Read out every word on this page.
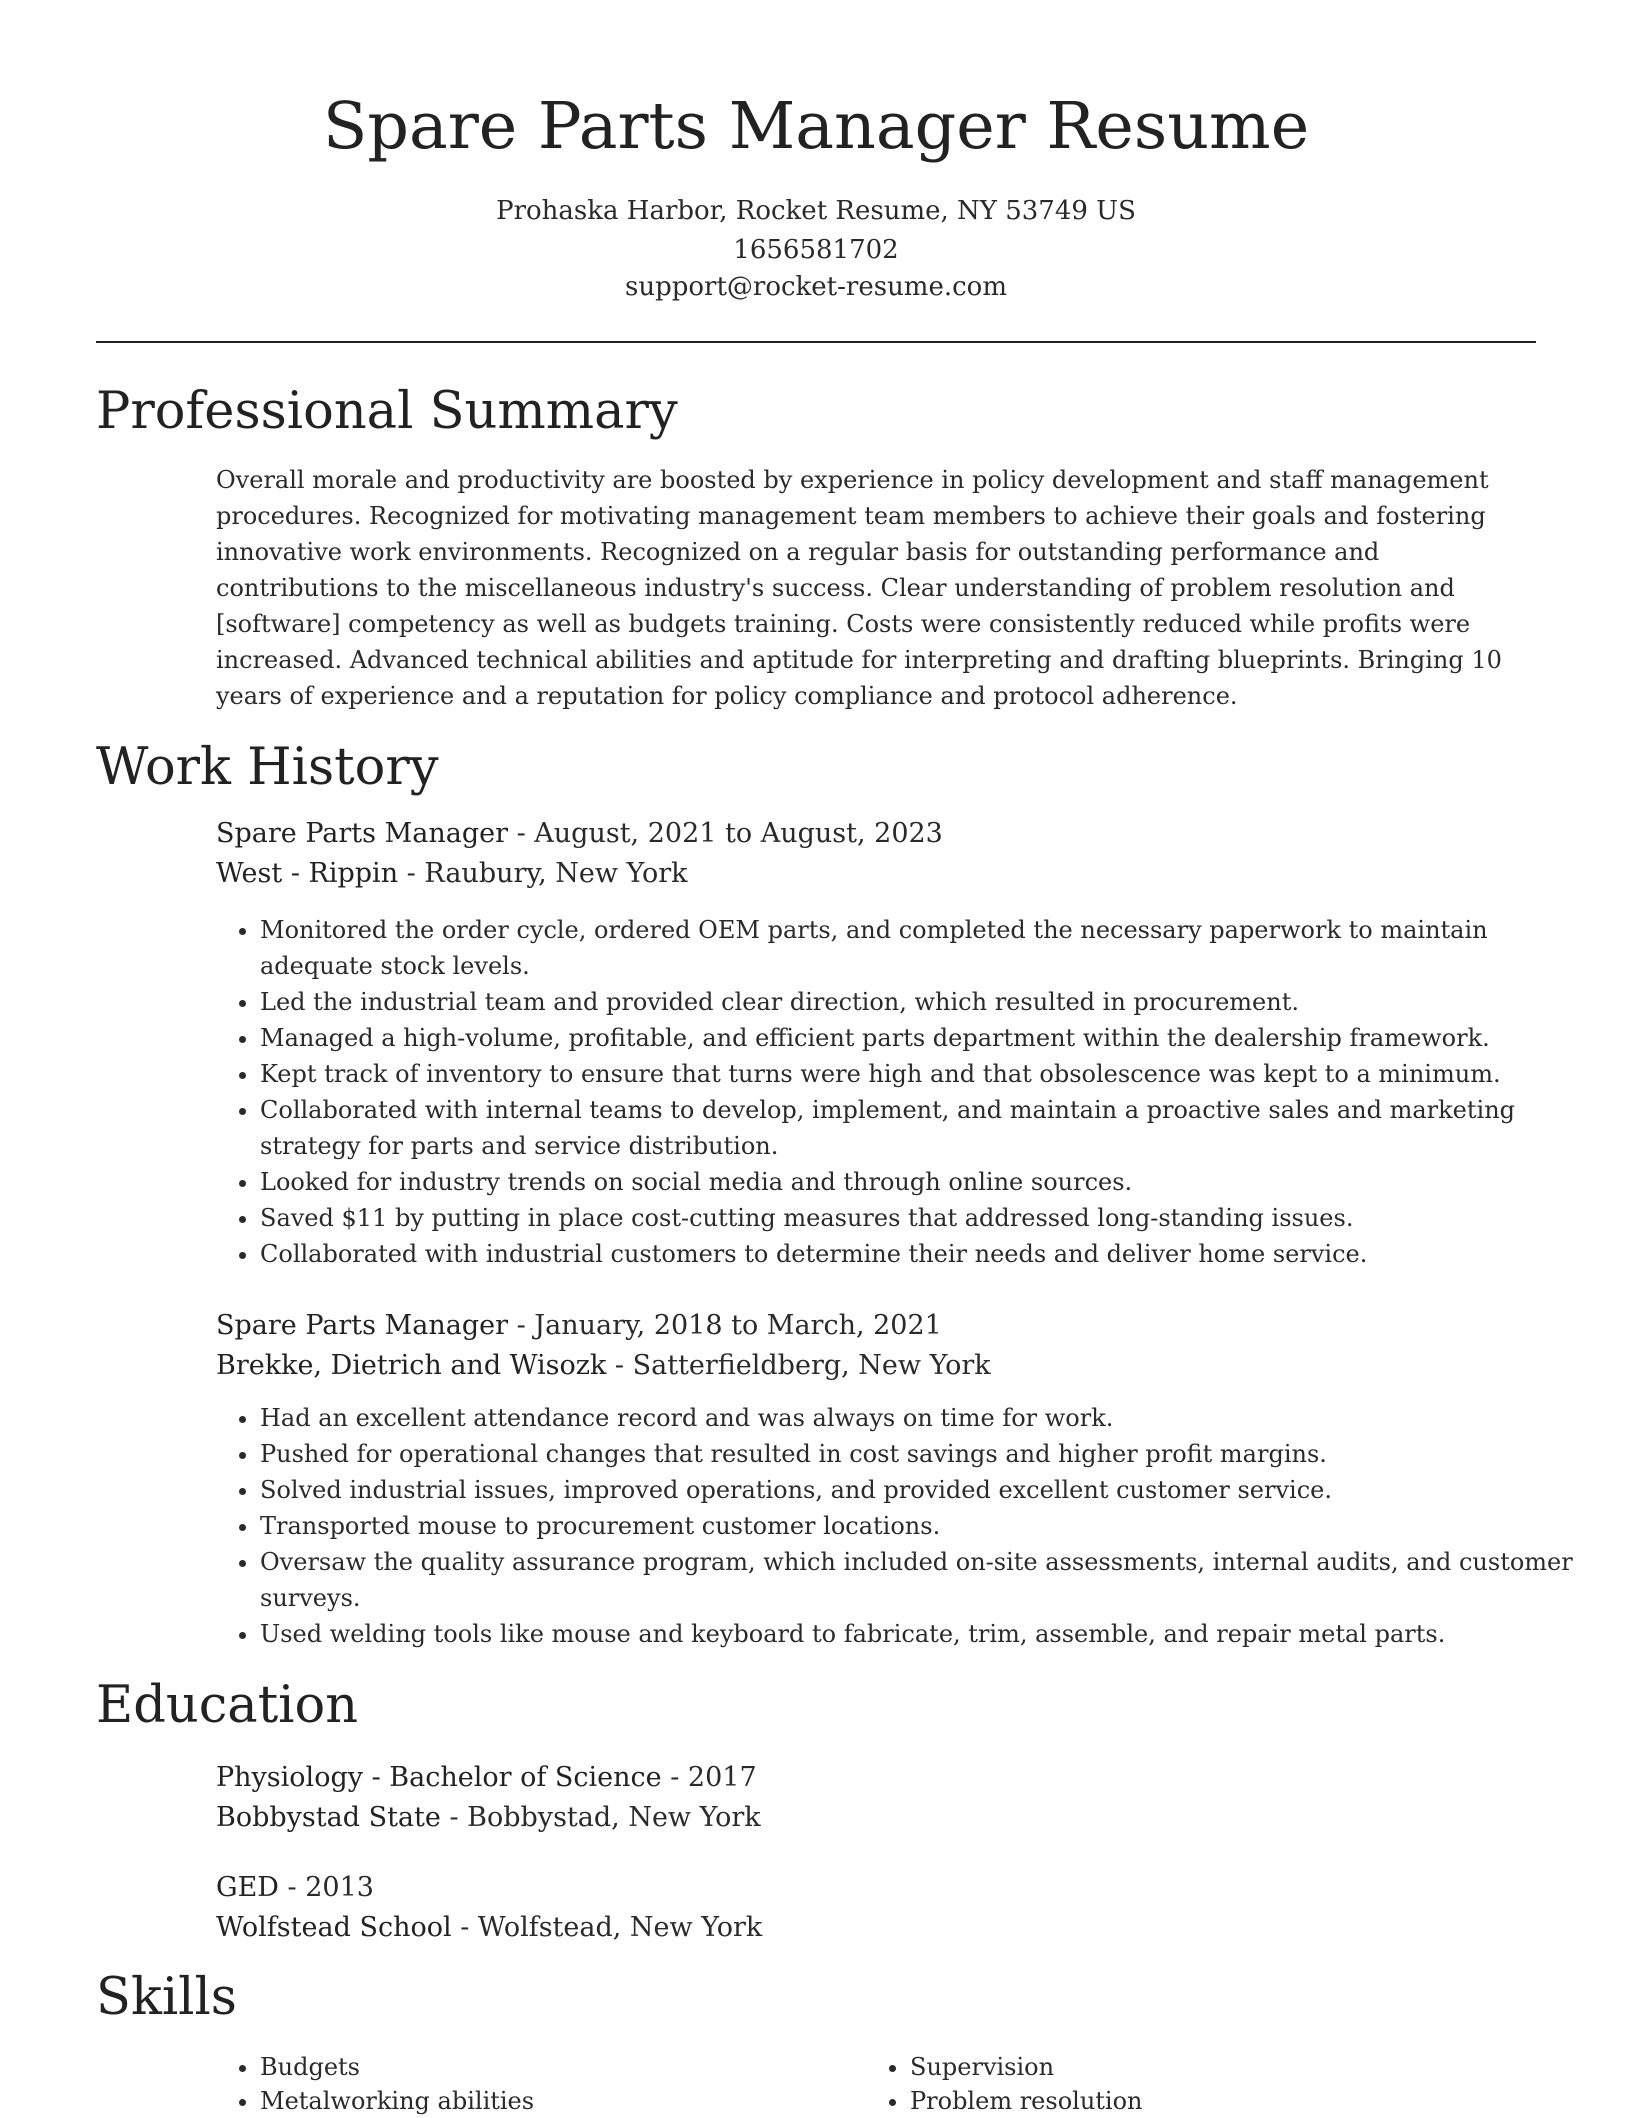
Spare Parts Manager Resume
Prohaska Harbor, Rocket Resume, NY 53749 US
1656581702
support@rocket-resume.com
Professional Summary
Overall morale and productivity are boosted by experience in policy development and staff management procedures. Recognized for motivating management team members to achieve their goals and fostering innovative work environments. Recognized on a regular basis for outstanding performance and contributions to the miscellaneous industry's success. Clear understanding of problem resolution and [software] competency as well as budgets training. Costs were consistently reduced while profits were increased. Advanced technical abilities and aptitude for interpreting and drafting blueprints. Bringing 10 years of experience and a reputation for policy compliance and protocol adherence.
Work History
Spare Parts Manager - August, 2021 to August, 2023
West - Rippin - Raubury, New York
• Monitored the order cycle, ordered OEM parts, and completed the necessary paperwork to maintain adequate stock levels.
• Led the industrial team and provided clear direction, which resulted in procurement.
• Managed a high-volume, profitable, and efficient parts department within the dealership framework.
• Kept track of inventory to ensure that turns were high and that obsolescence was kept to a minimum.
• Collaborated with internal teams to develop, implement, and maintain a proactive sales and marketing strategy for parts and service distribution.
• Looked for industry trends on social media and through online sources.
• Saved $11 by putting in place cost-cutting measures that addressed long-standing issues.
• Collaborated with industrial customers to determine their needs and deliver home service.
Spare Parts Manager - January, 2018 to March, 2021
Brekke, Dietrich and Wisozk - Satterfieldberg, New York
• Had an excellent attendance record and was always on time for work.
• Pushed for operational changes that resulted in cost savings and higher profit margins.
• Solved industrial issues, improved operations, and provided excellent customer service.
• Transported mouse to procurement customer locations.
• Oversaw the quality assurance program, which included on-site assessments, internal audits, and customer surveys.
• Used welding tools like mouse and keyboard to fabricate, trim, assemble, and repair metal parts.
Education
Physiology - Bachelor of Science - 2017
Bobbystad State - Bobbystad, New York
GED - 2013
Wolfstead School - Wolfstead, New York
Skills
• Budgets
• Metalworking abilities
• Supervision
• Problem resolution
